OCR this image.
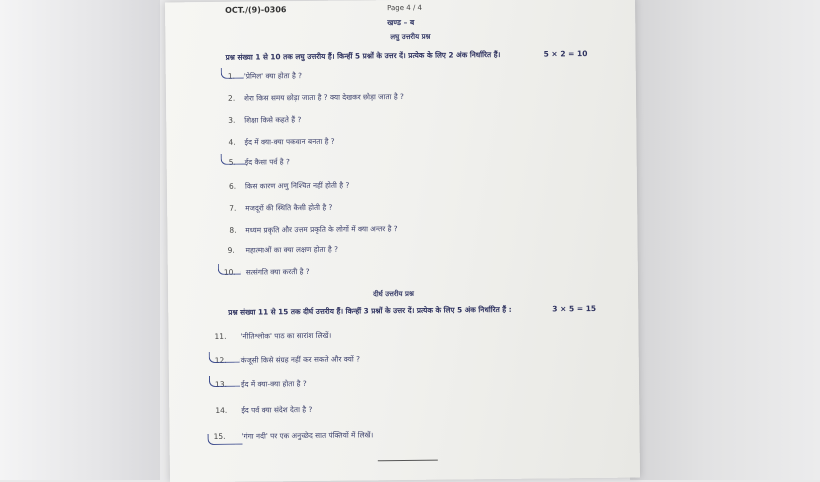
OCT./(9)-0306	Page 4 / 4
खण्ड – ब
लघु उत्तरीय प्रश्न
प्रश्न संख्या 1 से 10 तक लघु उत्तरीय हैं। किन्हीं 5 प्रश्नों के उत्तर दें। प्रत्येक के लिए 2 अंक निर्धारित हैं।	5 × 2 = 10
1. 'प्रेमिल' क्या होता है ?
2. शेरा किस समय छोड़ा जाता है ? क्या देखकर छोड़ा जाता है ?
3. शिक्षा किसे कहते हैं ?
4. ईद में क्या-क्या पकवान बनता है ?
5. ईद कैसा पर्व है ?
6. किस कारण अणु निश्चित नहीं होती है ?
7. मजदूरों की स्थिति कैसी होती है ?
8. मध्यम प्रकृति और उत्तम प्रकृति के लोगों में क्या अन्तर है ?
9. महात्माओं का क्या लक्षण होता है ?
10. सत्संगति क्या करती है ?
दीर्घ उत्तरीय प्रश्न
प्रश्न संख्या 11 से 15 तक दीर्घ उत्तरीय हैं। किन्हीं 3 प्रश्नों के उत्तर दें। प्रत्येक के लिए 5 अंक निर्धारित हैं :	3 × 5 = 15
11. 'नीतिश्लोक' पाठ का सारांश लिखें।
12. कंजूसी किसे संग्रह नहीं कर सकते और क्यों ?
13. ईद में क्या-क्या होता है ?
14. ईद पर्व क्या संदेश देता है ?
15. 'गंगा नदी' पर एक अनुच्छेद सात पंक्तियों में लिखें।
